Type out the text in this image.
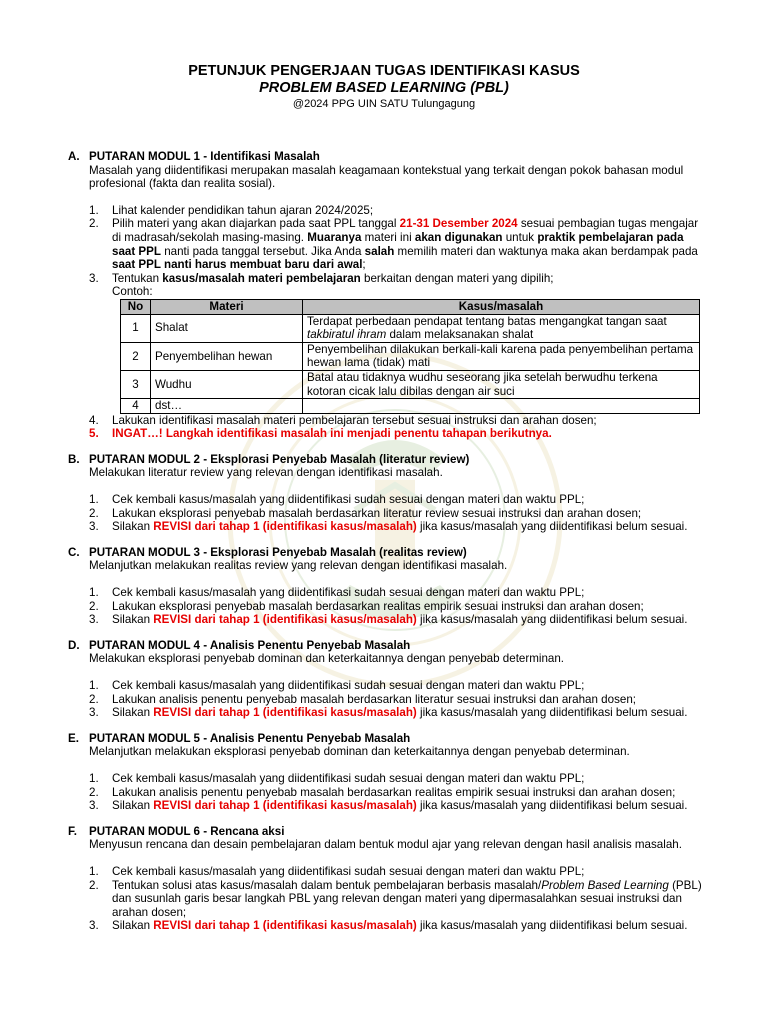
PETUNJUK PENGERJAAN TUGAS IDENTIFIKASI KASUS
PROBLEM BASED LEARNING (PBL)
@2024 PPG UIN SATU Tulungagung
A. PUTARAN MODUL 1 - Identifikasi Masalah
Masalah yang diidentifikasi merupakan masalah keagamaan kontekstual yang terkait dengan pokok bahasan modul profesional (fakta dan realita sosial).
1. Lihat kalender pendidikan tahun ajaran 2024/2025;
2. Pilih materi yang akan diajarkan pada saat PPL tanggal 21-31 Desember 2024 sesuai pembagian tugas mengajar di madrasah/sekolah masing-masing. Muaranya materi ini akan digunakan untuk praktik pembelajaran pada saat PPL nanti pada tanggal tersebut. Jika Anda salah memilih materi dan waktunya maka akan berdampak pada saat PPL nanti harus membuat baru dari awal;
3. Tentukan kasus/masalah materi pembelajaran berkaitan dengan materi yang dipilih;
Contoh:
No	Materi	Kasus/masalah
1	Shalat	Terdapat perbedaan pendapat tentang batas mengangkat tangan saat takbiratul ihram dalam melaksanakan shalat
2	Penyembelihan hewan	Penyembelihan dilakukan berkali-kali karena pada penyembelihan pertama hewan lama (tidak) mati
3	Wudhu	Batal atau tidaknya wudhu seseorang jika setelah berwudhu terkena kotoran cicak lalu dibilas dengan air suci
4	dst…	
4. Lakukan identifikasi masalah materi pembelajaran tersebut sesuai instruksi dan arahan dosen;
5. INGAT…! Langkah identifikasi masalah ini menjadi penentu tahapan berikutnya.
B. PUTARAN MODUL 2 - Eksplorasi Penyebab Masalah (literatur review)
Melakukan literatur review yang relevan dengan identifikasi masalah.
1. Cek kembali kasus/masalah yang diidentifikasi sudah sesuai dengan materi dan waktu PPL;
2. Lakukan eksplorasi penyebab masalah berdasarkan literatur review sesuai instruksi dan arahan dosen;
3. Silakan REVISI dari tahap 1 (identifikasi kasus/masalah) jika kasus/masalah yang diidentifikasi belum sesuai.
C. PUTARAN MODUL 3 - Eksplorasi Penyebab Masalah (realitas review)
Melanjutkan melakukan realitas review yang relevan dengan identifikasi masalah.
1. Cek kembali kasus/masalah yang diidentifikasi sudah sesuai dengan materi dan waktu PPL;
2. Lakukan eksplorasi penyebab masalah berdasarkan realitas empirik sesuai instruksi dan arahan dosen;
3. Silakan REVISI dari tahap 1 (identifikasi kasus/masalah) jika kasus/masalah yang diidentifikasi belum sesuai.
D. PUTARAN MODUL 4 - Analisis Penentu Penyebab Masalah
Melakukan eksplorasi penyebab dominan dan keterkaitannya dengan penyebab determinan.
1. Cek kembali kasus/masalah yang diidentifikasi sudah sesuai dengan materi dan waktu PPL;
2. Lakukan analisis penentu penyebab masalah berdasarkan literatur sesuai instruksi dan arahan dosen;
3. Silakan REVISI dari tahap 1 (identifikasi kasus/masalah) jika kasus/masalah yang diidentifikasi belum sesuai.
E. PUTARAN MODUL 5 - Analisis Penentu Penyebab Masalah
Melanjutkan melakukan eksplorasi penyebab dominan dan keterkaitannya dengan penyebab determinan.
1. Cek kembali kasus/masalah yang diidentifikasi sudah sesuai dengan materi dan waktu PPL;
2. Lakukan analisis penentu penyebab masalah berdasarkan realitas empirik sesuai instruksi dan arahan dosen;
3. Silakan REVISI dari tahap 1 (identifikasi kasus/masalah) jika kasus/masalah yang diidentifikasi belum sesuai.
F. PUTARAN MODUL 6 - Rencana aksi
Menyusun rencana dan desain pembelajaran dalam bentuk modul ajar yang relevan dengan hasil analisis masalah.
1. Cek kembali kasus/masalah yang diidentifikasi sudah sesuai dengan materi dan waktu PPL;
2. Tentukan solusi atas kasus/masalah dalam bentuk pembelajaran berbasis masalah/Problem Based Learning (PBL) dan susunlah garis besar langkah PBL yang relevan dengan materi yang dipermasalahkan sesuai instruksi dan arahan dosen;
3. Silakan REVISI dari tahap 1 (identifikasi kasus/masalah) jika kasus/masalah yang diidentifikasi belum sesuai.
